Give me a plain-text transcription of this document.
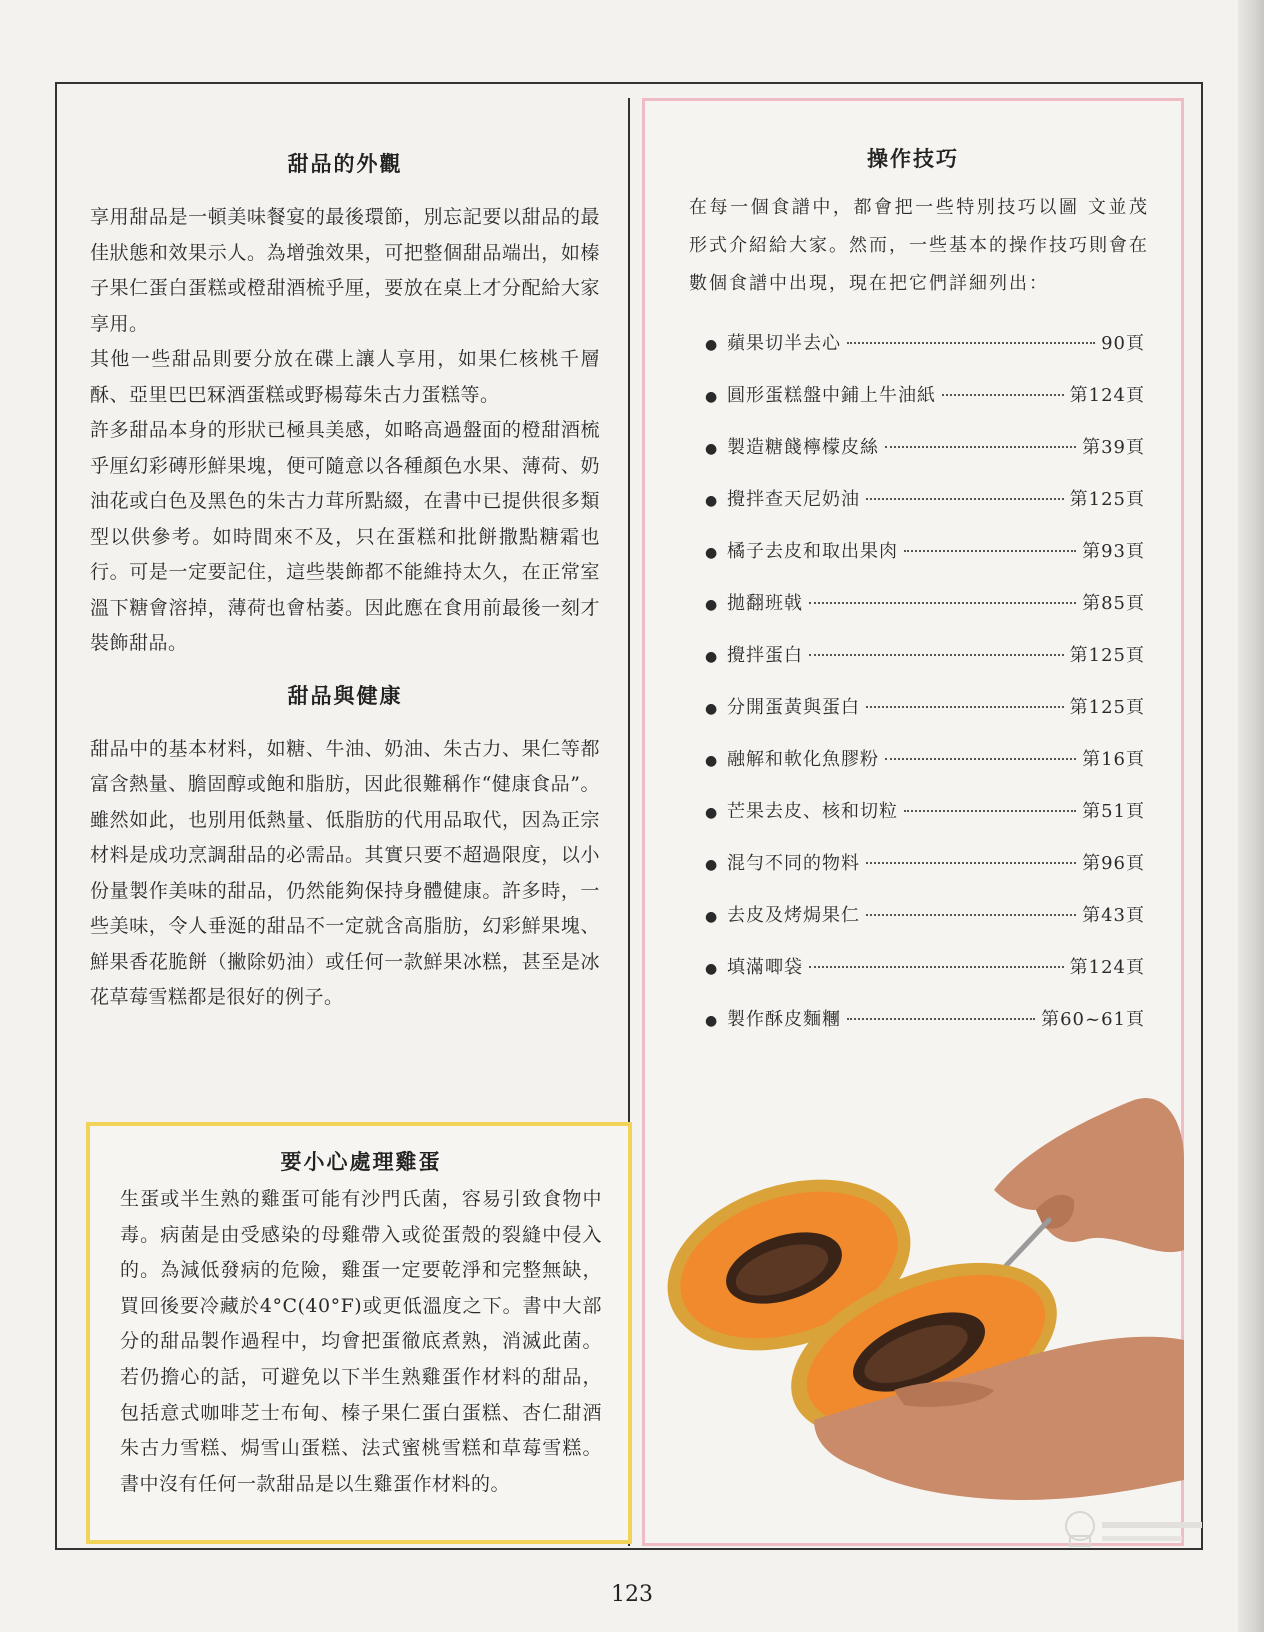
甜品的外觀

享用甜品是一頓美味餐宴的最後環節，別忘記要以甜品的最佳狀態和效果示人。為增強效果，可把整個甜品端出，如榛子果仁蛋白蛋糕或橙甜酒梳乎厘，要放在桌上才分配給大家享用。

其他一些甜品則要分放在碟上讓人享用，如果仁核桃千層酥、亞里巴巴冧酒蛋糕或野楊莓朱古力蛋糕等。

許多甜品本身的形狀已極具美感，如略高過盤面的橙甜酒梳乎厘幻彩磚形鮮果塊，便可隨意以各種顏色水果、薄荷、奶油花或白色及黑色的朱古力茸所點綴，在書中已提供很多類型以供參考。如時間來不及，只在蛋糕和批餅撒點糖霜也行。可是一定要記住，這些裝飾都不能維持太久，在正常室溫下糖會溶掉，薄荷也會枯萎。因此應在食用前最後一刻才裝飾甜品。

甜品與健康

甜品中的基本材料，如糖、牛油、奶油、朱古力、果仁等都富含熱量、膽固醇或飽和脂肪，因此很難稱作“健康食品”。雖然如此，也別用低熱量、低脂肪的代用品取代，因為正宗材料是成功烹調甜品的必需品。其實只要不超過限度，以小份量製作美味的甜品，仍然能夠保持身體健康。許多時，一些美味，令人垂涎的甜品不一定就含高脂肪，幻彩鮮果塊、鮮果香花脆餅（撇除奶油）或任何一款鮮果冰糕，甚至是冰花草莓雪糕都是很好的例子。

要小心處理雞蛋

生蛋或半生熟的雞蛋可能有沙門氏菌，容易引致食物中毒。病菌是由受感染的母雞帶入或從蛋殼的裂縫中侵入的。為減低發病的危險，雞蛋一定要乾淨和完整無缺，買回後要冷藏於4°C(40°F)或更低溫度之下。書中大部分的甜品製作過程中，均會把蛋徹底煮熟，消滅此菌。若仍擔心的話，可避免以下半生熟雞蛋作材料的甜品，包括意式咖啡芝士布甸、榛子果仁蛋白蛋糕、杏仁甜酒朱古力雪糕、焗雪山蛋糕、法式蜜桃雪糕和草莓雪糕。書中沒有任何一款甜品是以生雞蛋作材料的。

操作技巧

在每一個食譜中，都會把一些特別技巧以圖 文並茂形式介紹給大家。然而，一些基本的操作技巧則會在數個食譜中出現，現在把它們詳細列出：

● 蘋果切半去心	90頁
● 圓形蛋糕盤中鋪上牛油紙	第124頁
● 製造糖餞檸檬皮絲	第39頁
● 攪拌查天尼奶油	第125頁
● 橘子去皮和取出果肉	第93頁
● 拋翻班戟	第85頁
● 攪拌蛋白	第125頁
● 分開蛋黃與蛋白	第125頁
● 融解和軟化魚膠粉	第16頁
● 芒果去皮、核和切粒	第51頁
● 混勻不同的物料	第96頁
● 去皮及烤焗果仁	第43頁
● 填滿唧袋	第124頁
● 製作酥皮麵糰	第60~61頁
123
